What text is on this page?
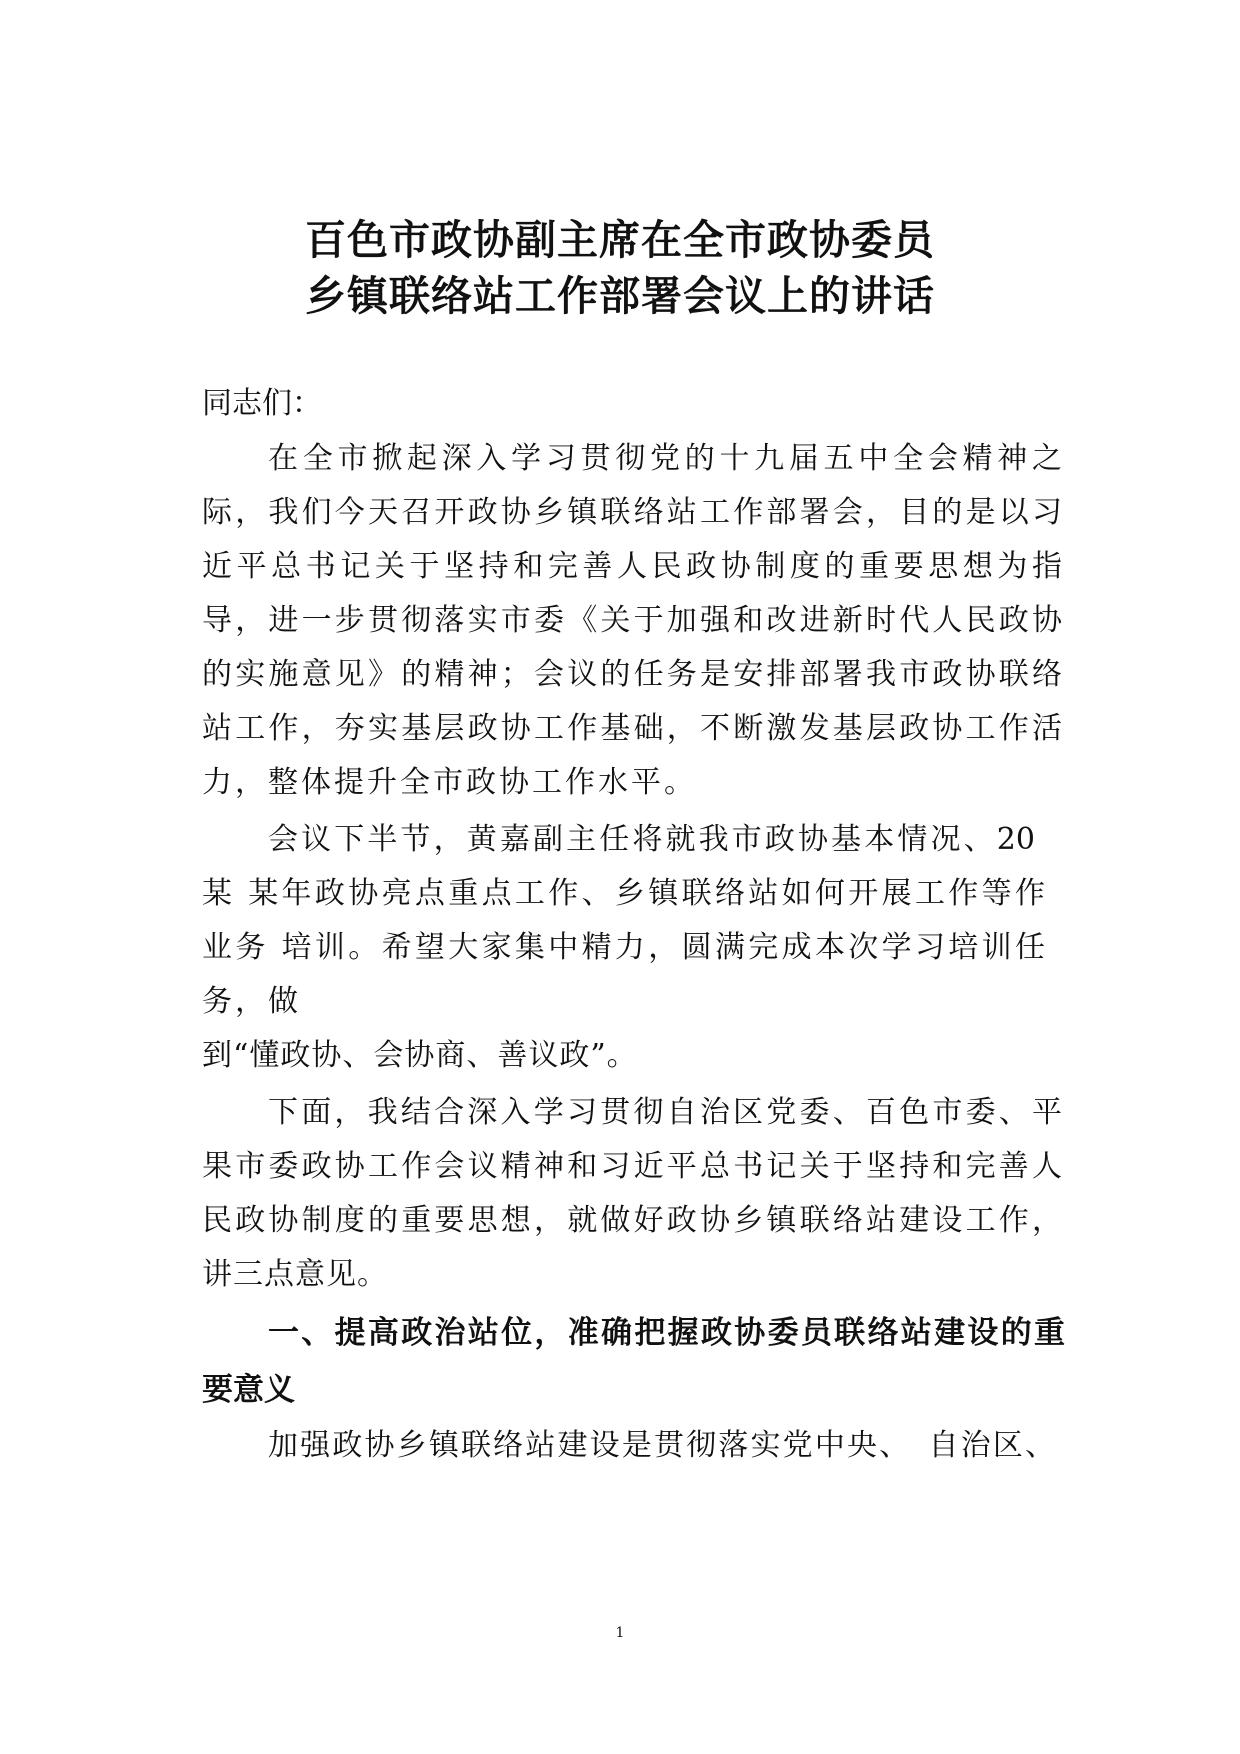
百色市政协副主席在全市政协委员
乡镇联络站工作部署会议上的讲话

同志们：

在全市掀起深入学习贯彻党的十九届五中全会精神之

际，我们今天召开政协乡镇联络站工作部署会，目的是以习

近平总书记关于坚持和完善人民政协制度的重要思想为指

导，进一步贯彻落实市委《关于加强和改进新时代人民政协

的实施意见》的精神；会议的任务是安排部署我市政协联络

站工作，夯实基层政协工作基础，不断激发基层政协工作活

力，整体提升全市政协工作水平。

会议下半节，黄嘉副主任将就我市政协基本情况、20

某 某年政协亮点重点工作、乡镇联络站如何开展工作等作

业务 培训。希望大家集中精力，圆满完成本次学习培训任

务，做

到“懂政协、会协商、善议政”。

下面，我结合深入学习贯彻自治区党委、百色市委、平

果市委政协工作会议精神和习近平总书记关于坚持和完善人

民政协制度的重要思想，就做好政协乡镇联络站建设工作，

讲三点意见。

一、提高政治站位，准确把握政协委员联络站建设的重

要意义

加强政协乡镇联络站建设是贯彻落实党中央、　自治区、

1
